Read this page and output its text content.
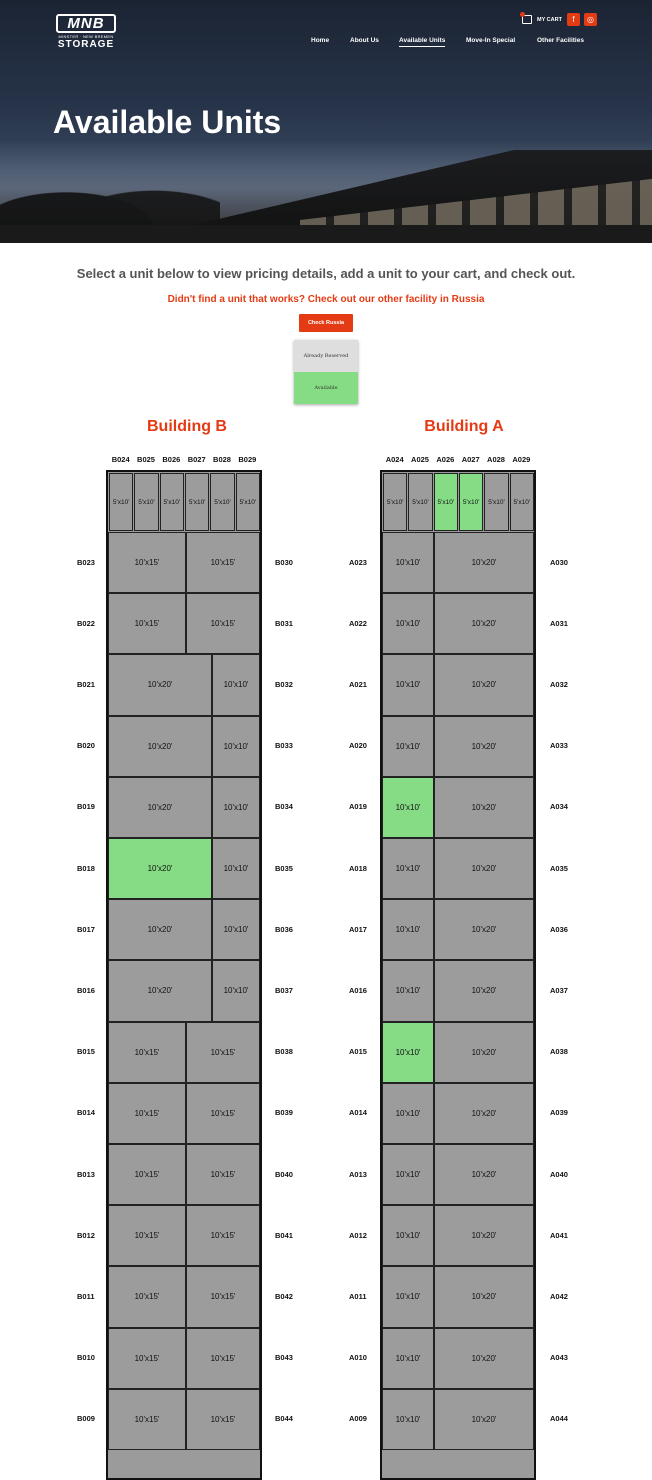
MNB
MINSTER · NEW BREMEN
STORAGE
MY CART	f	◎
Home	About Us	Available Units	Move-In Special	Other Facilities
Available Units
Select a unit below to view pricing details, add a unit to your cart, and check out.
Didn't find a unit that works? Check out our other facility in Russia
Check Russia
Already Reserved
Available
Building B	Building A
5'x10'	5'x10'	5'x10'	5'x10'	5'x10'	5'x10'
10'x15'	10'x15'
10'x15'	10'x15'
10'x20'	10'x10'
10'x20'	10'x10'
10'x20'	10'x10'
10'x20'	10'x10'
10'x20'	10'x10'
10'x20'	10'x10'
10'x15'	10'x15'
10'x15'	10'x15'
10'x15'	10'x15'
10'x15'	10'x15'
10'x15'	10'x15'
10'x15'	10'x15'
10'x15'	10'x15'
B024 B025 B026 B027 B028 B029
B023	B030
B022	B031
B021	B032
B020	B033
B019	B034
B018	B035
B017	B036
B016	B037
B015	B038
B014	B039
B013	B040
B012	B041
B011	B042
B010	B043
B009	B044
5'x10'	5'x10'	5'x10'	5'x10'	5'x10'	5'x10'
10'x10'	10'x20'
10'x10'	10'x20'
10'x10'	10'x20'
10'x10'	10'x20'
10'x10'	10'x20'
10'x10'	10'x20'
10'x10'	10'x20'
10'x10'	10'x20'
10'x10'	10'x20'
10'x10'	10'x20'
10'x10'	10'x20'
10'x10'	10'x20'
10'x10'	10'x20'
10'x10'	10'x20'
10'x10'	10'x20'
A024 A025 A026 A027 A028 A029
A023	A030
A022	A031
A021	A032
A020	A033
A019	A034
A018	A035
A017	A036
A016	A037
A015	A038
A014	A039
A013	A040
A012	A041
A011	A042
A010	A043
A009	A044
